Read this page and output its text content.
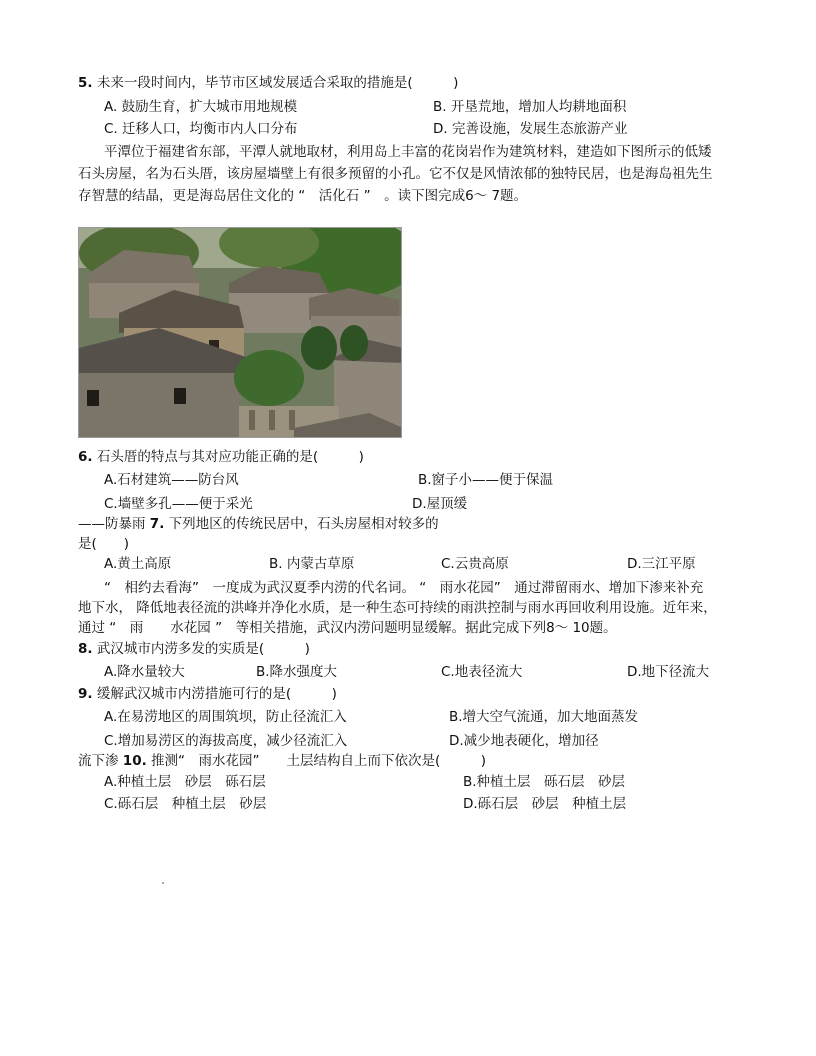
5. 未来一段时间内，毕节市区域发展适合采取的措施是(　　　)
A. 鼓励生育，扩大城市用地规模	B. 开垦荒地，增加人均耕地面积
C. 迁移人口，均衡市内人口分布	D. 完善设施，发展生态旅游产业
平潭位于福建省东部，平潭人就地取材，利用岛上丰富的花岗岩作为建筑材料，建造如下图所示的低矮
石头房屋，名为石头厝，该房屋墙壁上有很多预留的小孔。它不仅是风情浓郁的独特民居，也是海岛祖先生
存智慧的结晶，更是海岛居住文化的 “　活化石 ”　。读下图完成6～ 7题。
6. 石头厝的特点与其对应功能正确的是(　　　)
A.石材建筑——防台风	B.窗子小——便于保温
C.墙壁多孔——便于采光	D.屋顶缓
——防暴雨 7. 下列地区的传统民居中，石头房屋相对较多的
是(　　)
A.黄土高原	B. 内蒙古草原	C.云贵高原	D.三江平原
“　相约去看海”　一度成为武汉夏季内涝的代名词。 “　雨水花园”　通过滞留雨水、增加下渗来补充
地下水， 降低地表径流的洪峰并净化水质，是一种生态可持续的雨洪控制与雨水再回收利用设施。近年来，
通过 “　雨　　水花园 ”　等相关措施，武汉内涝问题明显缓解。据此完成下列8～ 10题。
8. 武汉城市内涝多发的实质是(　　　)
A.降水量较大	B.降水强度大	C.地表径流大	D.地下径流大
9. 缓解武汉城市内涝措施可行的是(　　　)
A.在易涝地区的周围筑坝，防止径流汇入	B.增大空气流通，加大地面蒸发
C.增加易涝区的海拔高度，减少径流汇入	D.减少地表硬化，增加径
流下渗 10. 推测“　雨水花园”　　土层结构自上而下依次是(　　　)
A.种植土层　砂层　砾石层	B.种植土层　砾石层　砂层
C.砾石层　种植土层　砂层	D.砾石层　砂层　种植土层
